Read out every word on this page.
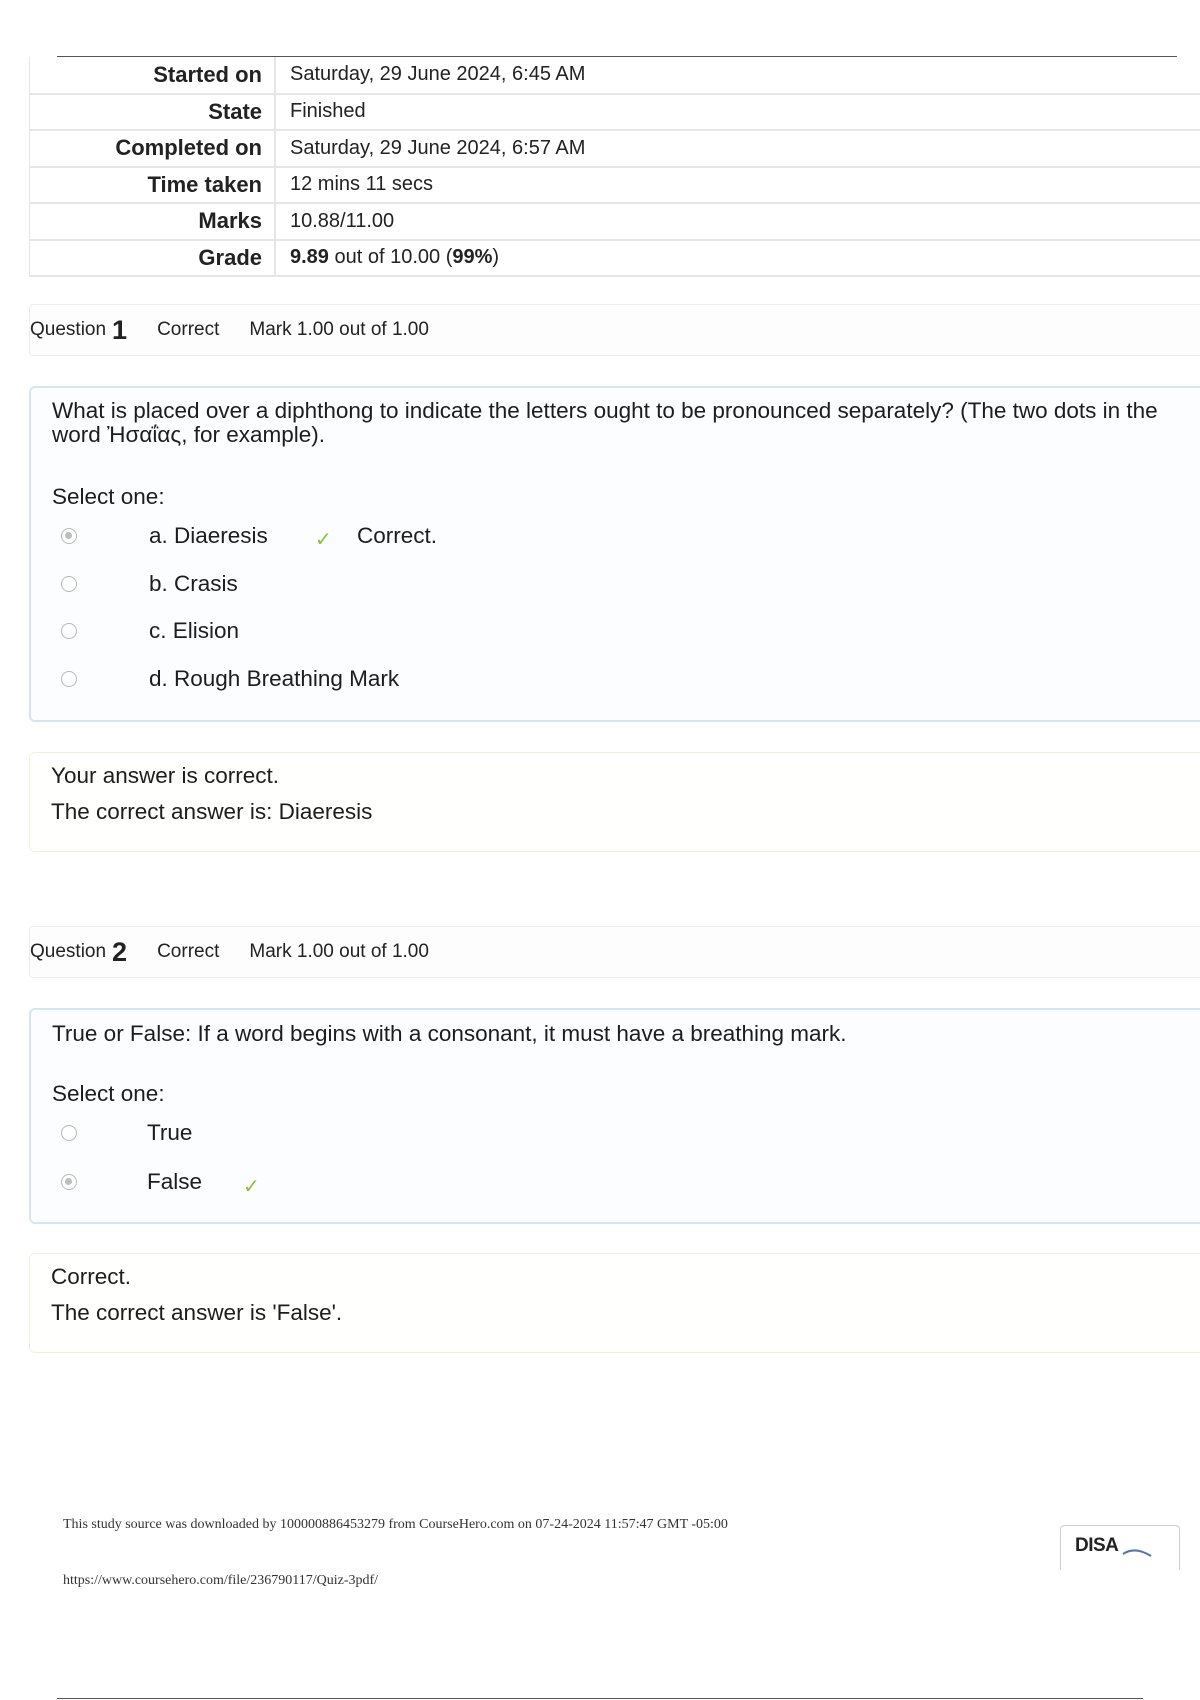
Started on	Saturday, 29 June 2024, 6:45 AM
State	Finished
Completed on	Saturday, 29 June 2024, 6:57 AM
Time taken	12 mins 11 secs
Marks	10.88/11.00
Grade	9.89 out of 10.00 (99%)
Question 1 Correct Mark 1.00 out of 1.00
What is placed over a diphthong to indicate the letters ought to be pronounced separately? (The two dots in the word Ἠσαΐας, for example).
Select one:
a. Diaeresis ✓ Correct.
b. Crasis
c. Elision
d. Rough Breathing Mark
Your answer is correct.
The correct answer is: Diaeresis
Question 2 Correct Mark 1.00 out of 1.00
True or False: If a word begins with a consonant, it must have a breathing mark.
Select one:
True
False ✓
Correct.
The correct answer is 'False'.
This study source was downloaded by 100000886453279 from CourseHero.com on 07-24-2024 11:57:47 GMT -05:00
https://www.coursehero.com/file/236790117/Quiz-3pdf/
DISA
